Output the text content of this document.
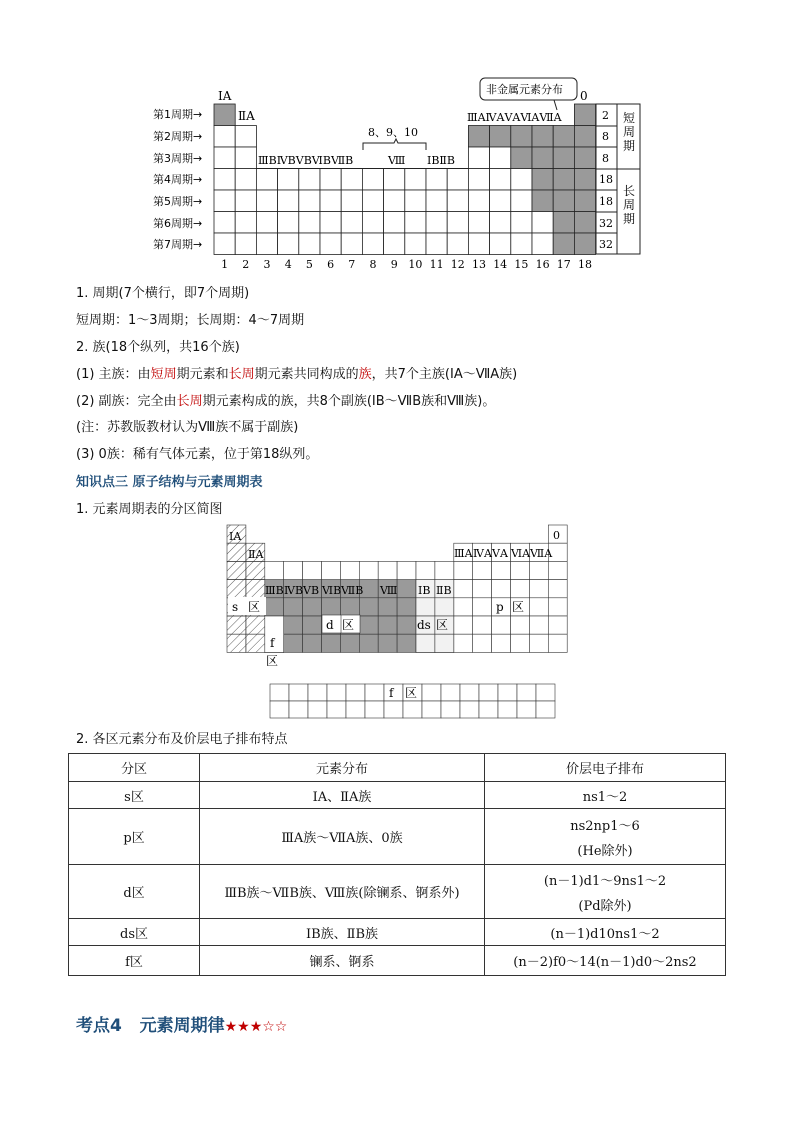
ⅠA
ⅡA
ⅢBⅣBⅤBⅥBⅦB
8、9、10
Ⅷ ⅠBⅡB
ⅢAⅣAⅤAⅥAⅦA
0
非金属元素分布
第1周期→
第2周期→
第3周期→
第4周期→
第5周期→
第6周期→
第7周期→
2
8
8
18
18
32
32
短周期
长周期
1 2 3 4 5 6 7 8 9 10 11 12 13 14 15 16 17 18
1. 周期(7个横行，即7个周期)
短周期：1～3周期；长周期：4～7周期
2. 族(18个纵列，共16个族)
(1) 主族：由短周期元素和长周期元素共同构成的族，共7个主族(ⅠA～ⅦA族)
(2) 副族：完全由长周期元素构成的族，共8个副族(ⅠB～ⅦB族和Ⅷ族)。
(注：苏教版教材认为Ⅷ族不属于副族)
(3) 0族：稀有气体元素，位于第18纵列。
知识点三 原子结构与元素周期表
1. 元素周期表的分区简图
ⅠA
ⅡA
0
ⅢA ⅣA ⅤA ⅥA ⅦA
ⅢB ⅣB ⅤB ⅥB ⅦB Ⅷ ⅠB ⅡB
s 区
d 区	ds 区
p 区
f
区
f 区
2. 各区元素分布及价层电子排布特点
分区	元素分布	价层电子排布
s区	ⅠA、ⅡA族	ns1～2
p区	ⅢA族～ⅦA族、0族	ns2np1～6
(He除外)

d区	ⅢB族～ⅦB族、Ⅷ族(除镧系、锕系外)	(n－1)d1～9ns1～2
(Pd除外)

ds区	ⅠB族、ⅡB族	(n－1)d10ns1～2
f区	镧系、锕系	(n－2)f0～14(n－1)d0～2ns2
考点4   元素周期律★★★☆☆
